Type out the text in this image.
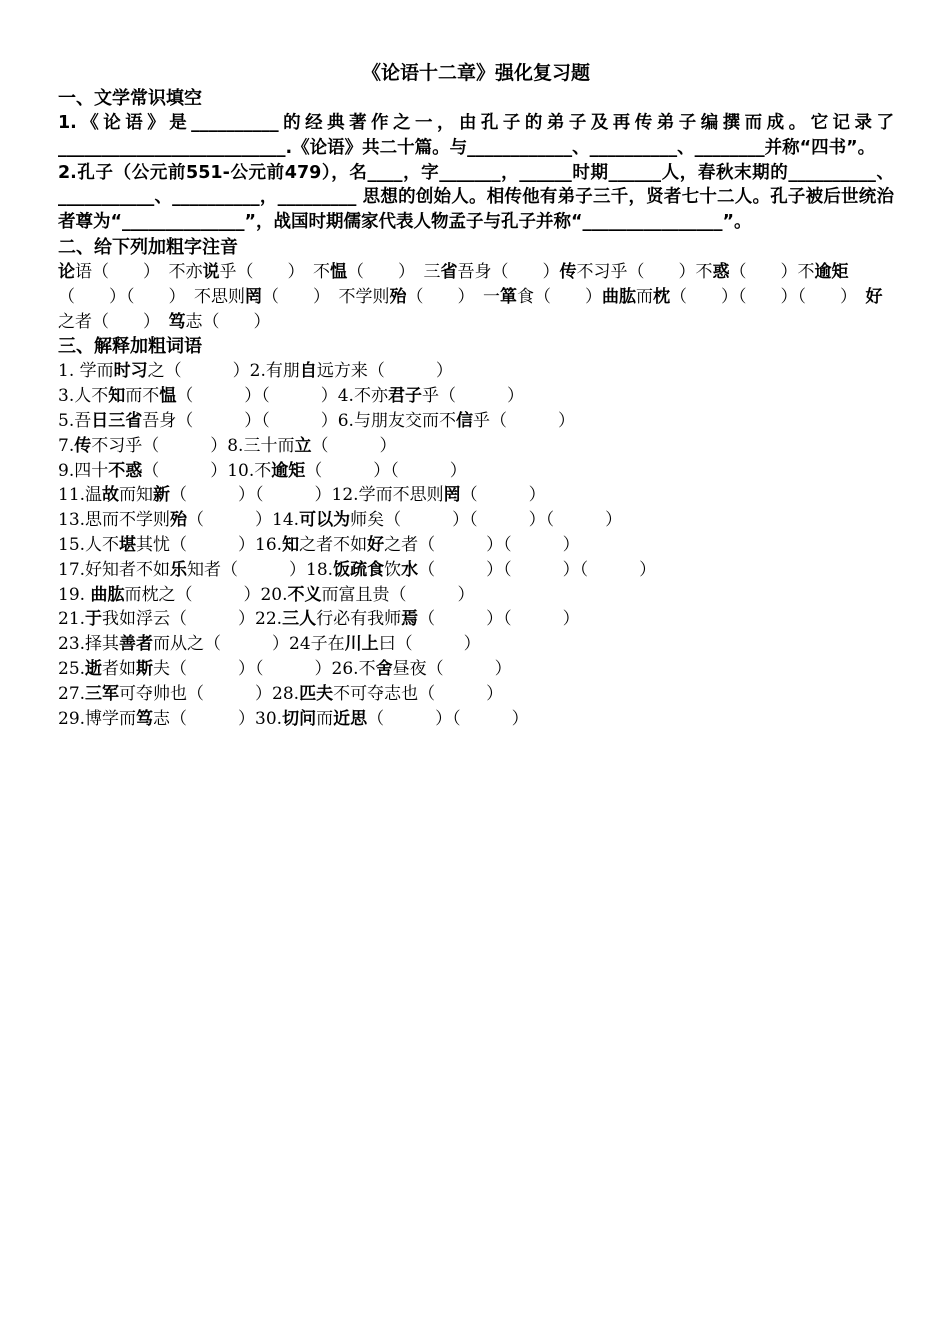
《论语十二章》强化复习题
一、文学常识填空
1.《论语》是__________的经典著作之一，由孔子的弟子及再传弟子编撰而成。它记录了__________________________.《论语》共二十篇。与____________、__________、________并称“四书”。
2.孔子（公元前551-公元前479），名____，字_______，______时期______人，春秋末期的__________、___________、__________，_________ 思想的创始人。相传他有弟子三千，贤者七十二人。孔子被后世统治者尊为“______________”，战国时期儒家代表人物孟子与孔子并称“________________”。
二、给下列加粗字注音
论语（　　）　不亦说乎（　　）　不愠（　　）　三省吾身（　　）传不习乎（　　）不惑（　　）不逾矩（　　）（　　）　不思则罔（　　）　不学则殆（　　）　一箪食（　　）曲肱而枕（　　）（　　）（　　）　好之者（　　）　笃志（　　）
三、解释加粗词语
1. 学而时习之（　　　）2.有朋自远方来（　　　）
3.人不知而不愠（　　　）（　　　）4.不亦君子乎（　　　）
5.吾日三省吾身（　　　）（　　　）6.与朋友交而不信乎（　　　）
7.传不习乎（　　　）8.三十而立（　　　）
9.四十不惑（　　　）10.不逾矩（　　　）（　　　）
11.温故而知新（　　　）（　　　）12.学而不思则罔（　　　）
13.思而不学则殆（　　　）14.可以为师矣（　　　）（　　　）（　　　）
15.人不堪其忧（　　　）16.知之者不如好之者（　　　）（　　　）
17.好知者不如乐知者（　　　）18.饭疏食饮水（　　　）（　　　）（　　　）
19. 曲肱而枕之（　　　）20.不义而富且贵（　　　）
21.于我如浮云（　　　）22.三人行必有我师焉（　　　）（　　　）
23.择其善者而从之（　　　）24子在川上曰（　　　）
25.逝者如斯夫（　　　）（　　　）26.不舍昼夜（　　　）
27.三军可夺帅也（　　　）28.匹夫不可夺志也（　　　）
29.博学而笃志（　　　）30.切问而近思（　　　）（　　　）
